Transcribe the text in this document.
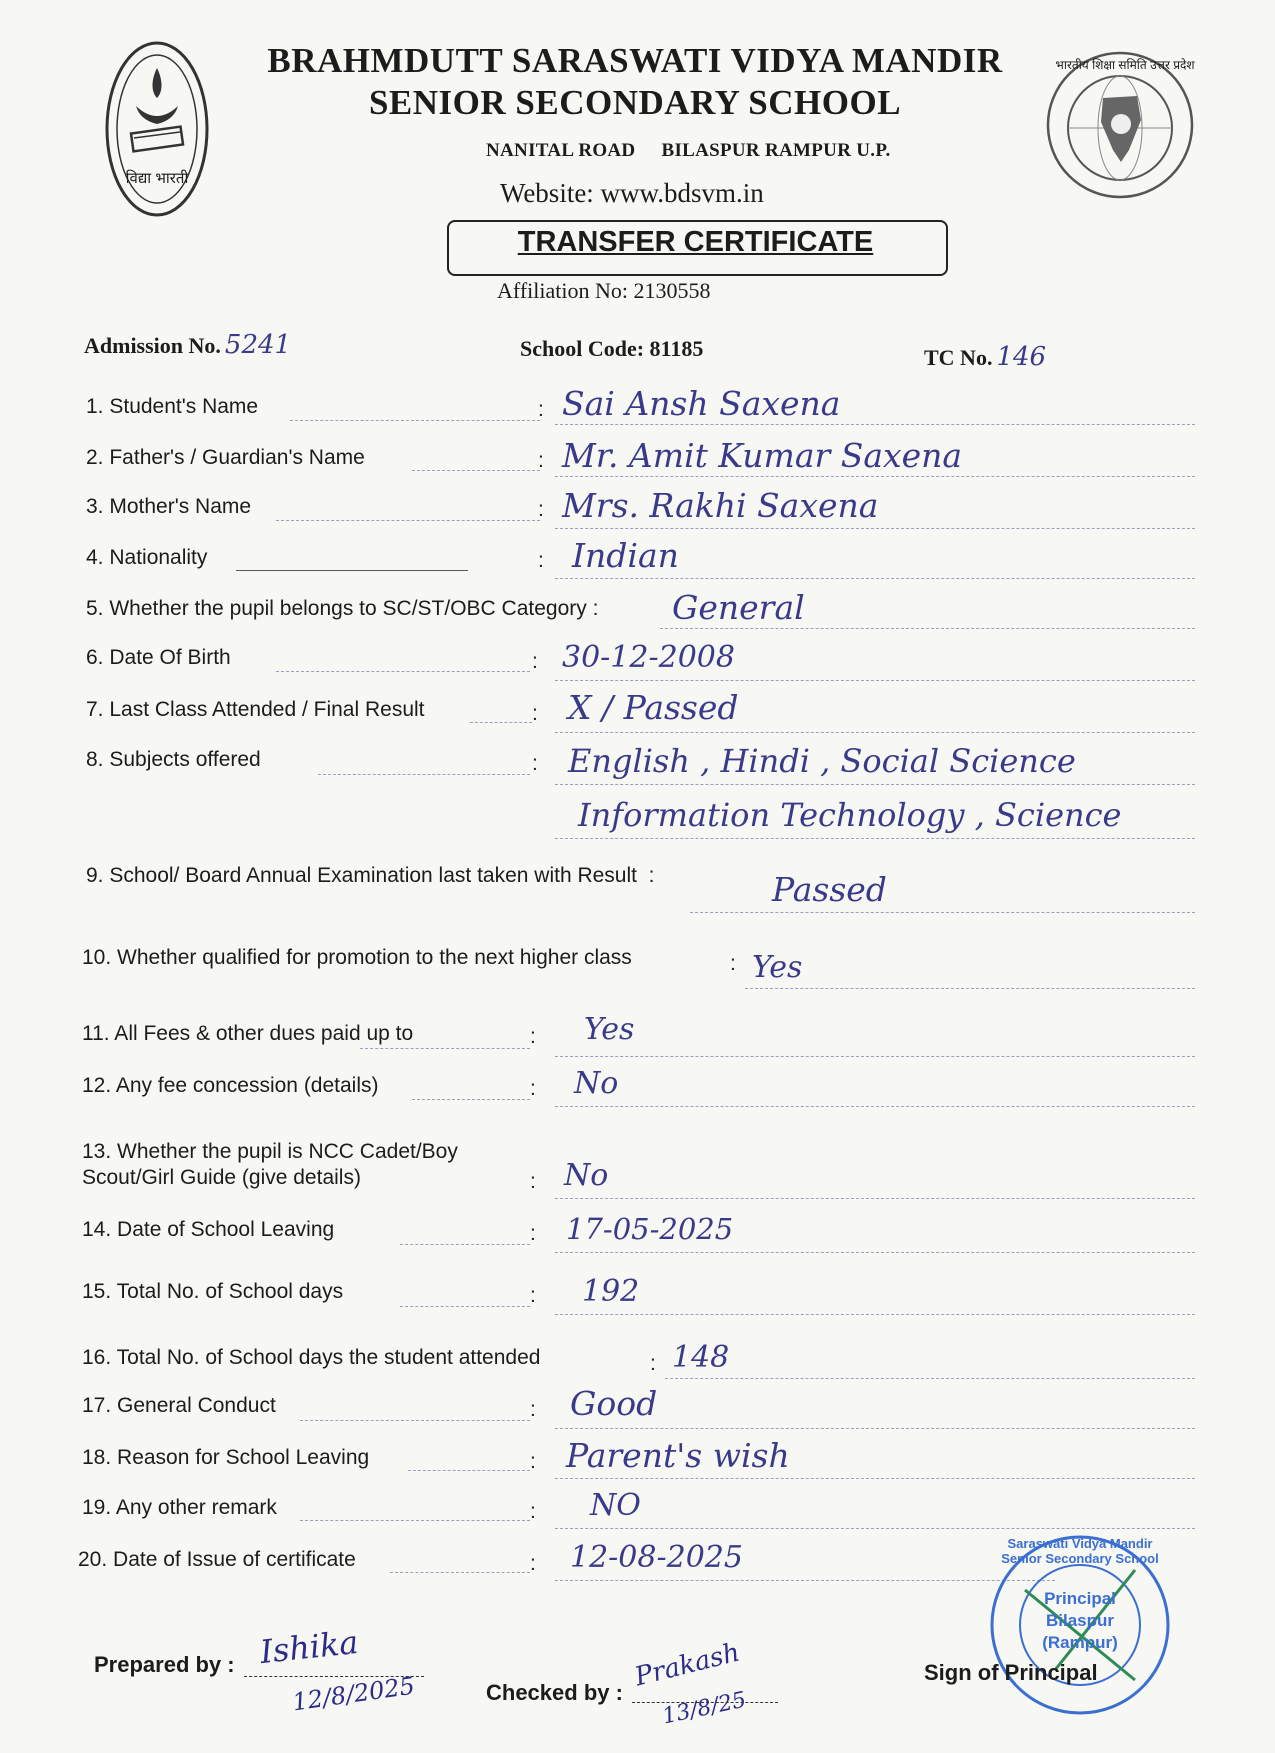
विद्या भारती
BRAHMDUTT SARASWATI VIDYA MANDIR
SENIOR SECONDARY SCHOOL
भारतीय शिक्षा समिति उत्तर प्रदेश
NANITAL ROAD BILASPUR RAMPUR U.P.
Website: www.bdsvm.in
TRANSFER CERTIFICATE
Affiliation No: 2130558
Admission No. 5241	School Code: 81185	TC No. 146
1. Student's Name	: Sai Ansh Saxena
2. Father's / Guardian's Name	: Mr. Amit Kumar Saxena
3. Mother's Name	: Mrs. Rakhi Saxena
4. Nationality	: Indian
5. Whether the pupil belongs to SC/ST/OBC Category : General
6. Date Of Birth	: 30-12-2008
7. Last Class Attended / Final Result	: X / Passed
8. Subjects offered	: English , Hindi , Social Science
Information Technology , Science
9. School/ Board Annual Examination last taken with Result  :	Passed
10. Whether qualified for promotion to the next higher class	: Yes
11. All Fees & other dues paid up to	: Yes
12. Any fee concession (details)	: No
13. Whether the pupil is NCC Cadet/Boy
Scout/Girl Guide (give details)	: No
14. Date of School Leaving	: 17-05-2025
15. Total No. of School days	: 192
16. Total No. of School days the student attended	: 148
17. General Conduct	: Good
18. Reason for School Leaving	: Parent's wish
19. Any other remark	: NO
20. Date of Issue of certificate	: 12-08-2025
Prepared by : Ishika
12/8/2025	Checked by :
Prakash
13/8/25
Saraswati Vidya Mandir Senior Secondary School
Principal
Bilaspur
(Rampur)
Sign of Principal
